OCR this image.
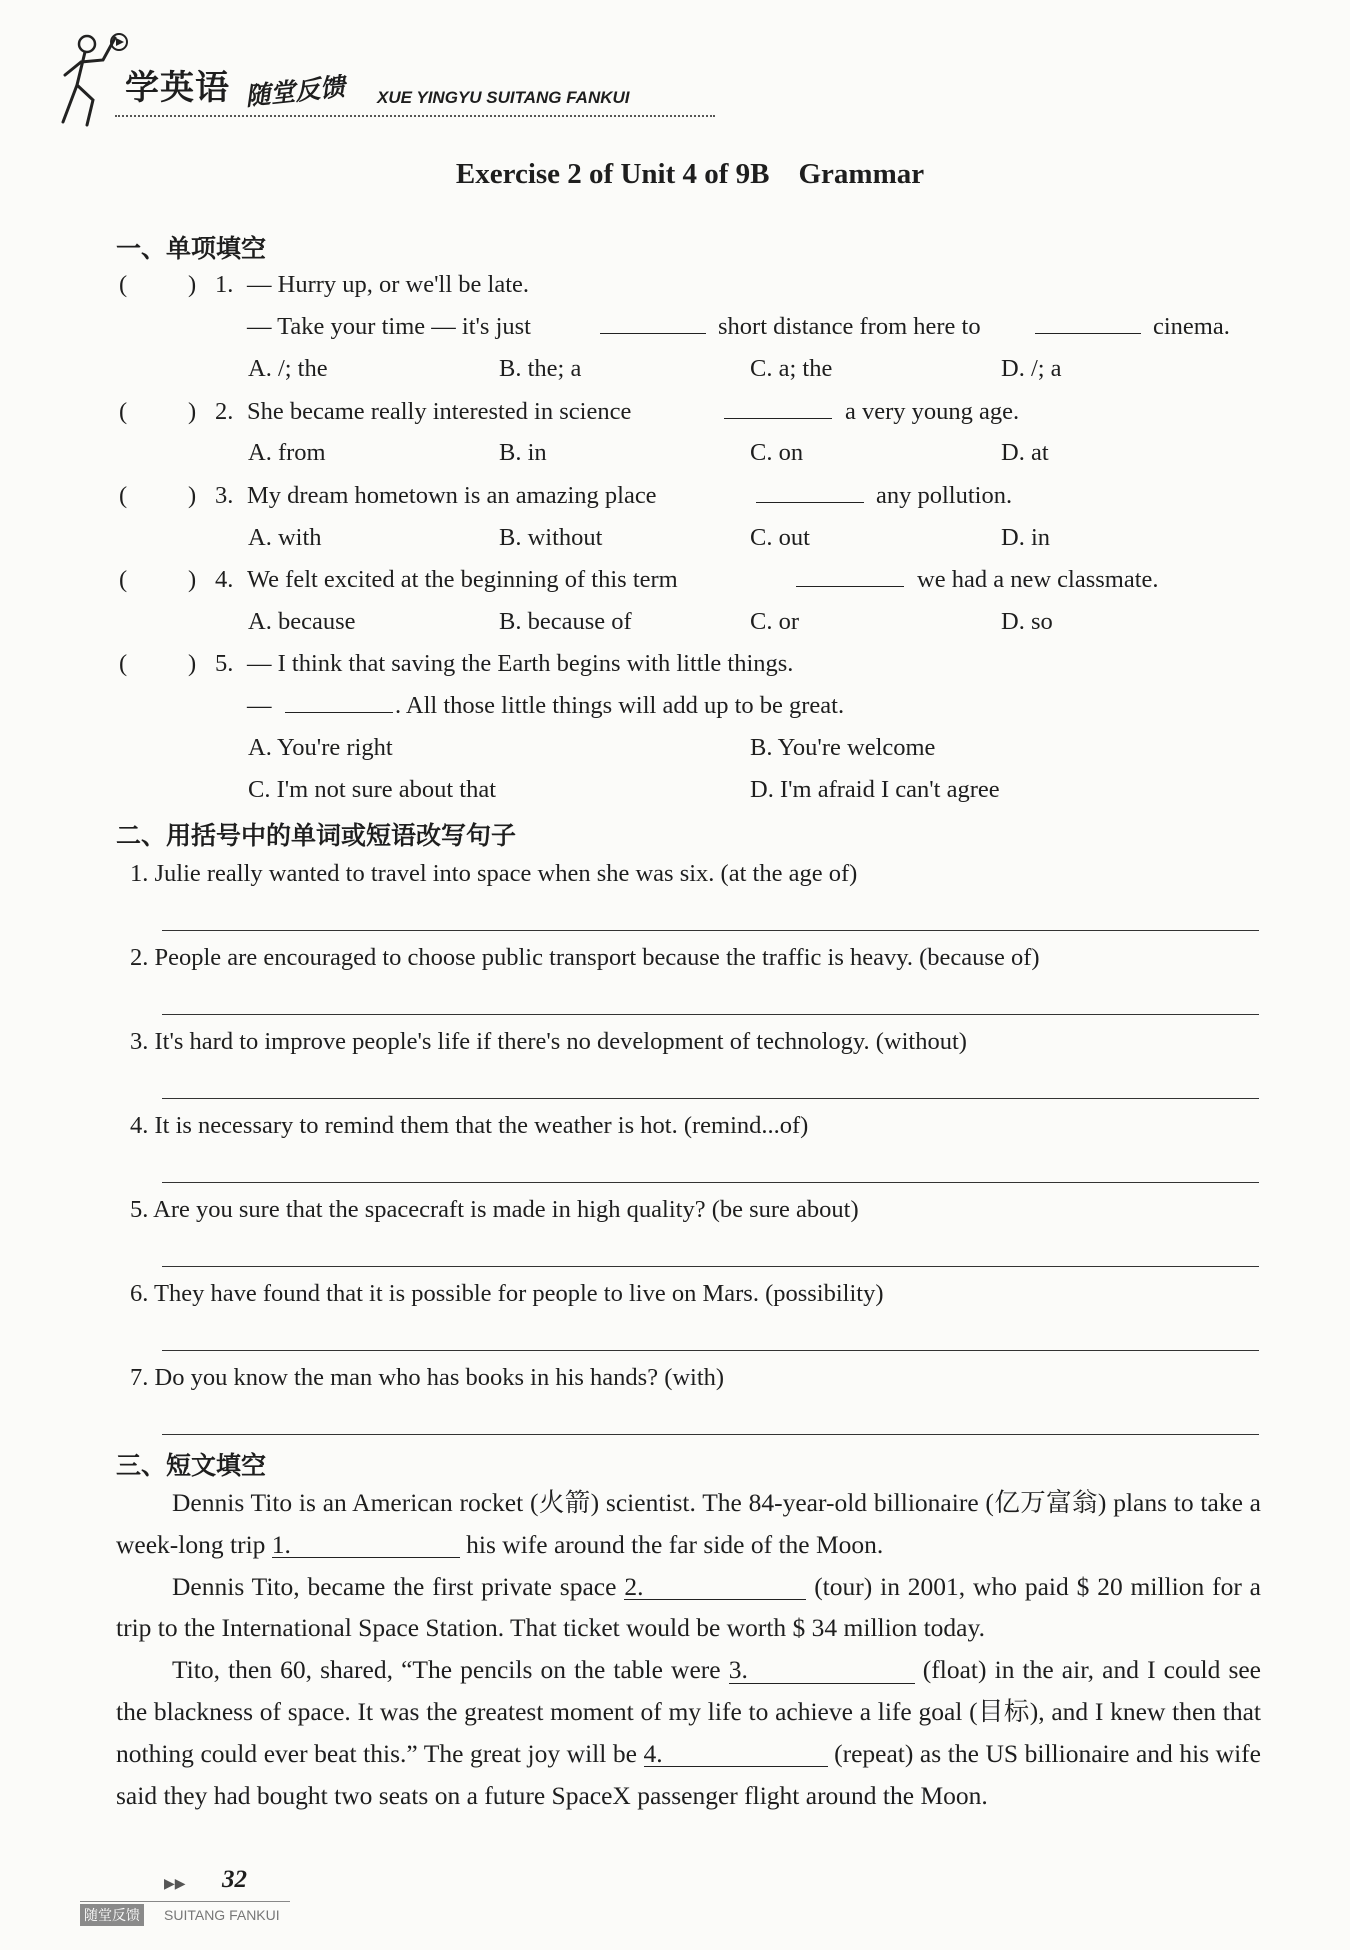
学英语 随堂反馈 XUE YINGYU SUITANG FANKUI
Exercise 2 of Unit 4 of 9B    Grammar
一、单项填空
( ) 1. — Hurry up, or we'll be late.
— Take your time — it's just	short distance from here to	cinema.
A. /; the	B. the; a	C. a; the	D. /; a
( ) 2. She became really interested in science	a very young age.
A. from	B. in	C. on	D. at
( ) 3. My dream hometown is an amazing place	any pollution.
A. with	B. without	C. out	D. in
( ) 4. We felt excited at the beginning of this term	we had a new classmate.
A. because	B. because of	C. or	D. so
( ) 5. — I think that saving the Earth begins with little things.
—	. All those little things will add up to be great.
A. You're right	B. You're welcome
C. I'm not sure about that	D. I'm afraid I can't agree
二、用括号中的单词或短语改写句子
1. Julie really wanted to travel into space when she was six. (at the age of)
2. People are encouraged to choose public transport because the traffic is heavy. (because of)
3. It's hard to improve people's life if there's no development of technology. (without)
4. It is necessary to remind them that the weather is hot. (remind...of)
5. Are you sure that the spacecraft is made in high quality? (be sure about)
6. They have found that it is possible for people to live on Mars. (possibility)
7. Do you know the man who has books in his hands? (with)
三、短文填空

Dennis Tito is an American rocket (火箭) scientist. The 84-year-old billionaire (亿万富翁) plans to take a week-long trip 1.	his wife around the far side of the Moon.

Dennis Tito, became the first private space 2.	(tour) in 2001, who paid $ 20 million for a trip to the International Space Station. That ticket would be worth $ 34 million today.

Tito, then 60, shared, “The pencils on the table were 3.	(float) in the air, and I could see the blackness of space. It was the greatest moment of my life to achieve a life goal (目标), and I knew then that nothing could ever beat this.” The great joy will be 4.	(repeat) as the US billionaire and his wife said they had bought two seats on a future SpaceX passenger flight around the Moon.

▶▶ 32
随堂反馈 SUITANG FANKUI
